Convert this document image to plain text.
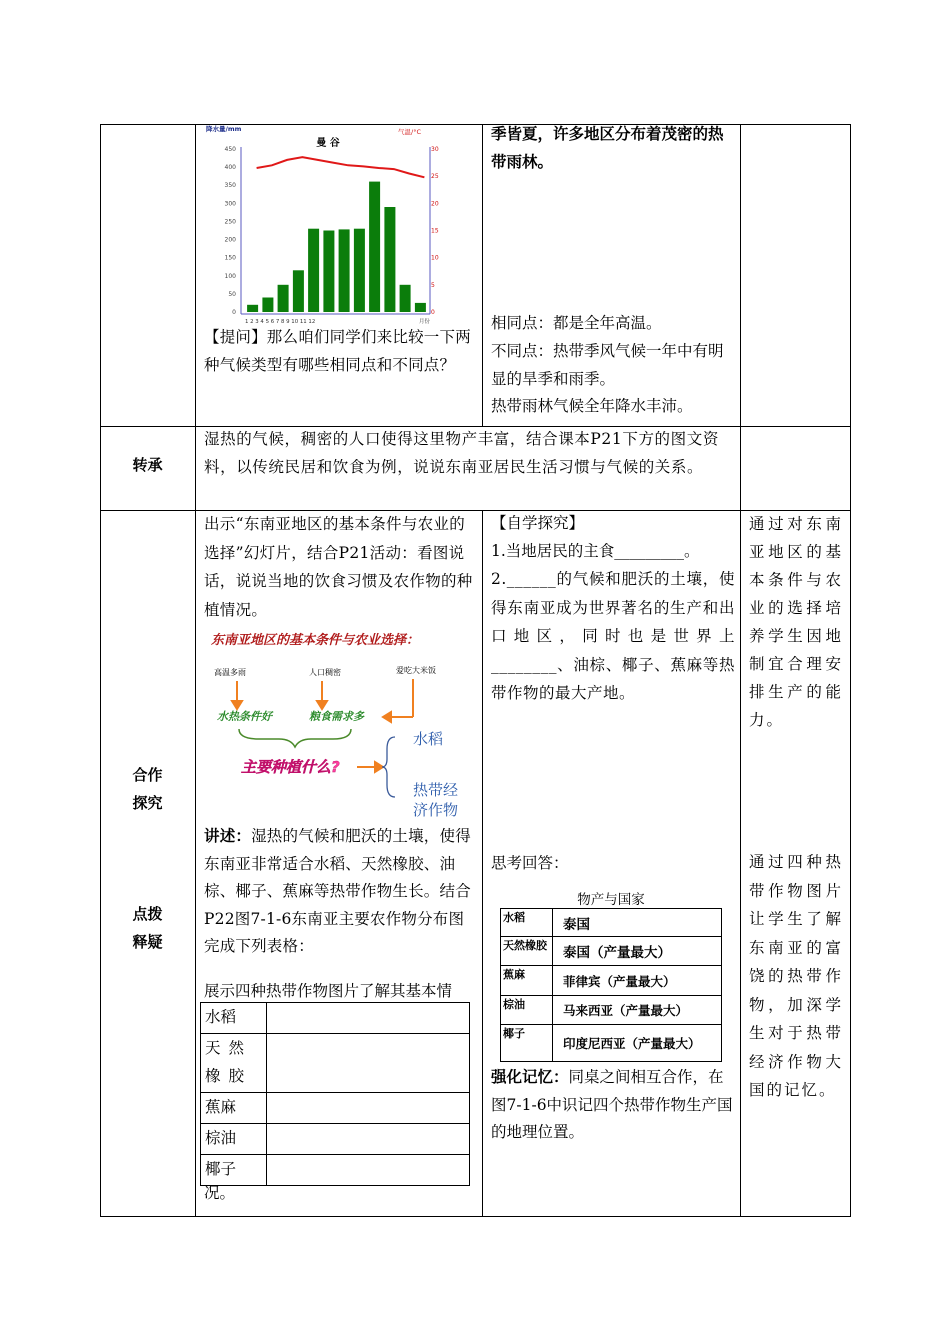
降水量/mm	气温/°C
曼 谷
450
400
350
300
250
200
150
100
50
0
30
25
20
15
10
5
0
1 2 3 4 5 6 7 8 9 10 11 12	月份
【提问】那么咱们同学们来比较一下两种气候类型有哪些相同点和不同点？
季皆夏，许多地区分布着茂密的热带雨林。
相同点：都是全年高温。
不同点：热带季风气候一年中有明显的旱季和雨季。
热带雨林气候全年降水丰沛。
转承
湿热的气候，稠密的人口使得这里物产丰富，结合课本P21下方的图文资料，以传统民居和饮食为例，说说东南亚居民生活习惯与气候的关系。
合作
探究
点拨
释疑
出示“东南亚地区的基本条件与农业的选择”幻灯片，结合P21活动：看图说话，说说当地的饮食习惯及农作物的种植情况。
东南亚地区的基本条件与农业选择：
高温多雨	人口稠密	爱吃大米饭
水热条件好	粮食需求多
主要种植什么?
水稻
热带经
济作物
讲述：湿热的气候和肥沃的土壤，使得东南亚非常适合水稻、天然橡胶、油棕、椰子、蕉麻等热带作物生长。结合P22图7-1-6东南亚主要农作物分布图完成下列表格：
展示四种热带作物图片了解其基本情
水稻	
天然橡胶	
蕉麻	
棕油	
椰子	
况。
【自学探究】
1.当地居民的主食_________。
2.______的气候和肥沃的土壤，使得东南亚成为世界著名的生产和出口地区，同时也是世界上________、油棕、椰子、蕉麻等热带作物的最大产地。
思考回答：
物产与国家
水稻	泰国
天然橡胶	泰国（产量最大）
蕉麻	菲律宾（产量最大）
棕油	马来西亚（产量最大）
椰子	印度尼西亚（产量最大）
强化记忆：同桌之间相互合作，在图7-1-6中识记四个热带作物生产国的地理位置。
通过对东南亚地区的基本条件与农业的选择培养学生因地制宜合理安排生产的能力。
通过四种热带作物图片让学生了解东南亚的富饶的热带作物，加深学生对于热带经济作物大国的记忆。
